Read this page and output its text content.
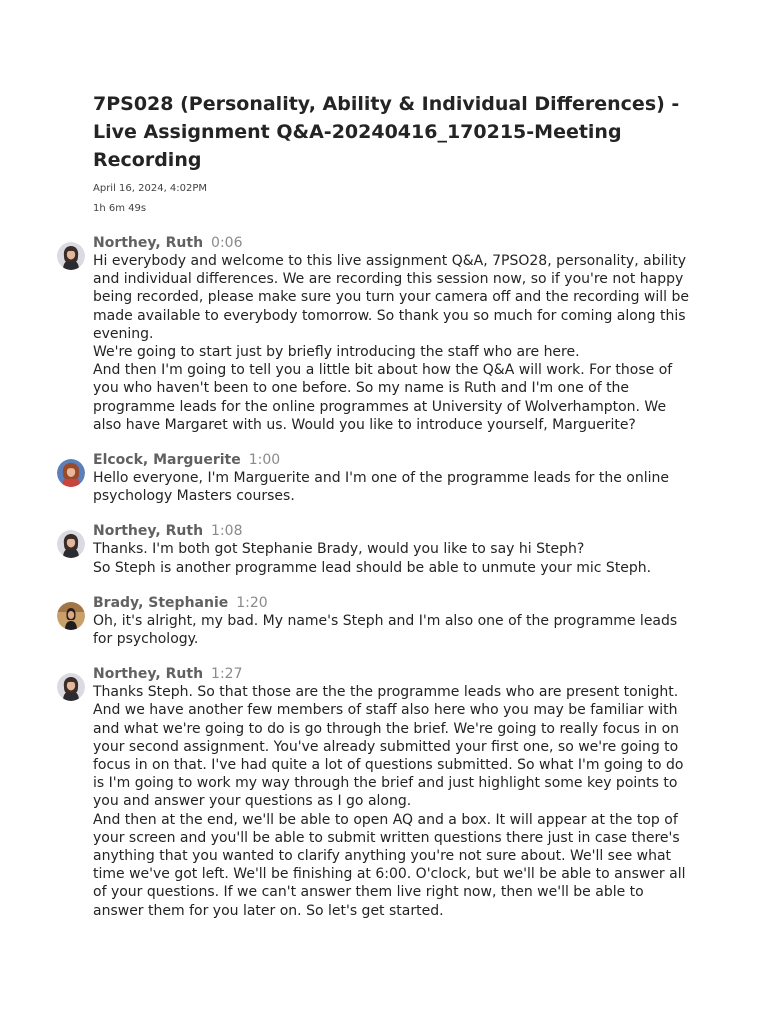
7PS028 (Personality, Ability & Individual Differences) -
Live Assignment Q&A-20240416_170215-Meeting
Recording
April 16, 2024, 4:02PM
1h 6m 49s
Northey, Ruth 0:06

Hi everybody and welcome to this live assignment Q&A, 7PSO28, personality, ability

and individual differences. We are recording this session now, so if you're not happy

being recorded, please make sure you turn your camera off and the recording will be

made available to everybody tomorrow. So thank you so much for coming along this

evening.

We're going to start just by briefly introducing the staff who are here.

And then I'm going to tell you a little bit about how the Q&A will work. For those of

you who haven't been to one before. So my name is Ruth and I'm one of the

programme leads for the online programmes at University of Wolverhampton. We

also have Margaret with us. Would you like to introduce yourself, Marguerite?

Elcock, Marguerite 1:00

Hello everyone, I'm Marguerite and I'm one of the programme leads for the online

psychology Masters courses.

Northey, Ruth 1:08

Thanks. I'm both got Stephanie Brady, would you like to say hi Steph?

So Steph is another programme lead should be able to unmute your mic Steph.

Brady, Stephanie 1:20

Oh, it's alright, my bad. My name's Steph and I'm also one of the programme leads

for psychology.

Northey, Ruth 1:27

Thanks Steph. So that those are the the programme leads who are present tonight.

And we have another few members of staff also here who you may be familiar with

and what we're going to do is go through the brief. We're going to really focus in on

your second assignment. You've already submitted your first one, so we're going to

focus in on that. I've had quite a lot of questions submitted. So what I'm going to do

is I'm going to work my way through the brief and just highlight some key points to

you and answer your questions as I go along.

And then at the end, we'll be able to open AQ and a box. It will appear at the top of

your screen and you'll be able to submit written questions there just in case there's

anything that you wanted to clarify anything you're not sure about. We'll see what

time we've got left. We'll be finishing at 6:00. O'clock, but we'll be able to answer all

of your questions. If we can't answer them live right now, then we'll be able to

answer them for you later on. So let's get started.
